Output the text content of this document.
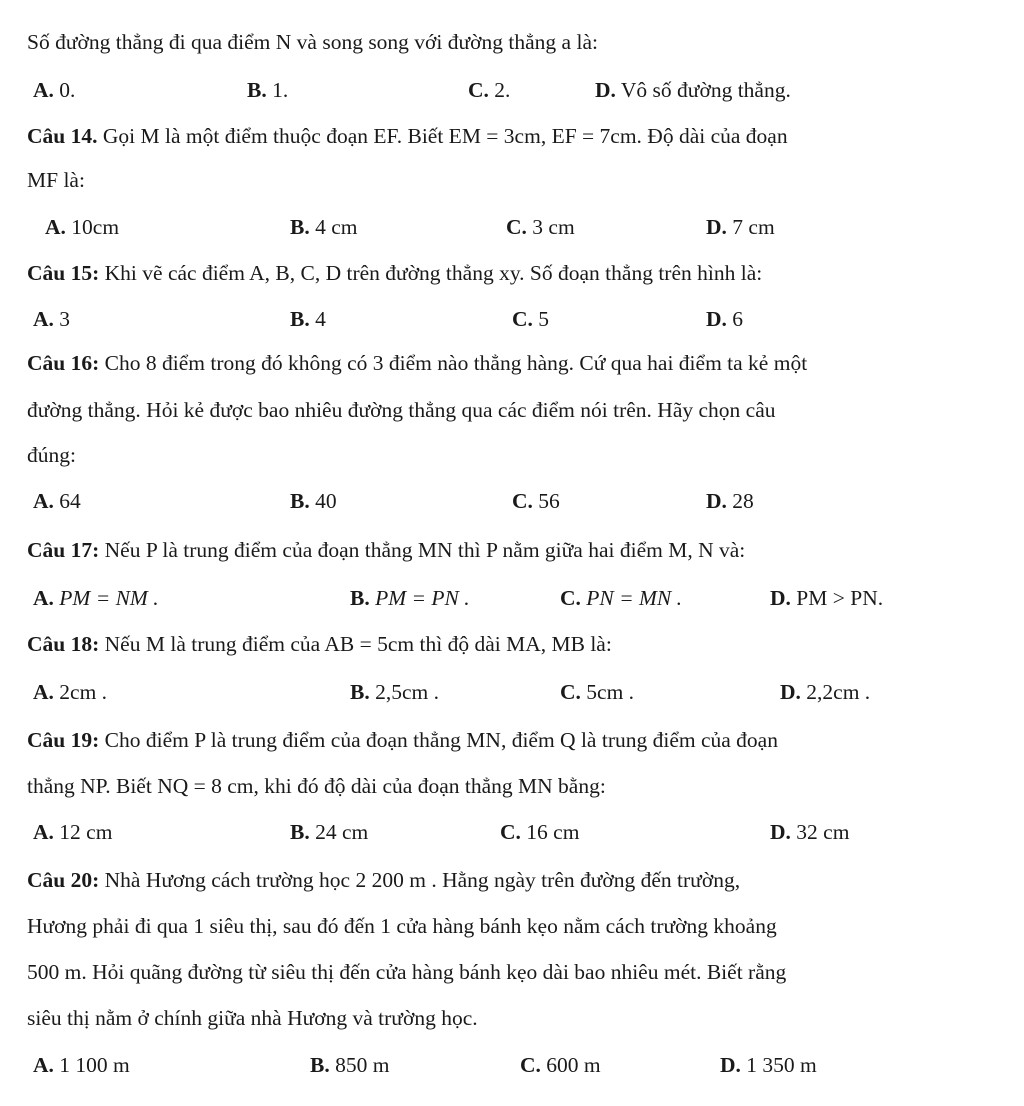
Số đường thẳng đi qua điểm N và song song với đường thẳng a là:
A. 0.	B. 1.	C. 2.	D. Vô số đường thẳng.
Câu 14. Gọi M là một điểm thuộc đoạn EF. Biết EM = 3cm, EF = 7cm. Độ dài của đoạn
MF là:
A. 10cm	B. 4 cm	C. 3 cm	D. 7 cm
Câu 15: Khi vẽ các điểm A, B, C, D trên đường thẳng xy. Số đoạn thẳng trên hình là:
A. 3	B. 4	C. 5	D. 6
Câu 16: Cho 8 điểm trong đó không có 3 điểm nào thẳng hàng. Cứ qua hai điểm ta kẻ một
đường thẳng. Hỏi kẻ được bao nhiêu đường thẳng qua các điểm nói trên. Hãy chọn câu
đúng:
A. 64	B. 40	C. 56	D. 28
Câu 17: Nếu P là trung điểm của đoạn thẳng MN thì P nằm giữa hai điểm M, N và:
A. PM = NM .	B. PM = PN .	C. PN = MN .	D. PM > PN.
Câu 18: Nếu M là trung điểm của AB = 5cm thì độ dài MA, MB là:
A. 2cm .	B. 2,5cm .	C. 5cm .	D. 2,2cm .
Câu 19: Cho điểm P là trung điểm của đoạn thẳng MN, điểm Q là trung điểm của đoạn
thẳng NP. Biết NQ = 8 cm, khi đó độ dài của đoạn thẳng MN bằng:
A. 12 cm	B. 24 cm	C. 16 cm	D. 32 cm
Câu 20: Nhà Hương cách trường học 2 200 m . Hằng ngày trên đường đến trường,
Hương phải đi qua 1 siêu thị, sau đó đến 1 cửa hàng bánh kẹo nằm cách trường khoảng
500 m. Hỏi quãng đường từ siêu thị đến cửa hàng bánh kẹo dài bao nhiêu mét. Biết rằng
siêu thị nằm ở chính giữa nhà Hương và trường học.
A. 1 100 m	B. 850 m	C. 600 m	D. 1 350 m
